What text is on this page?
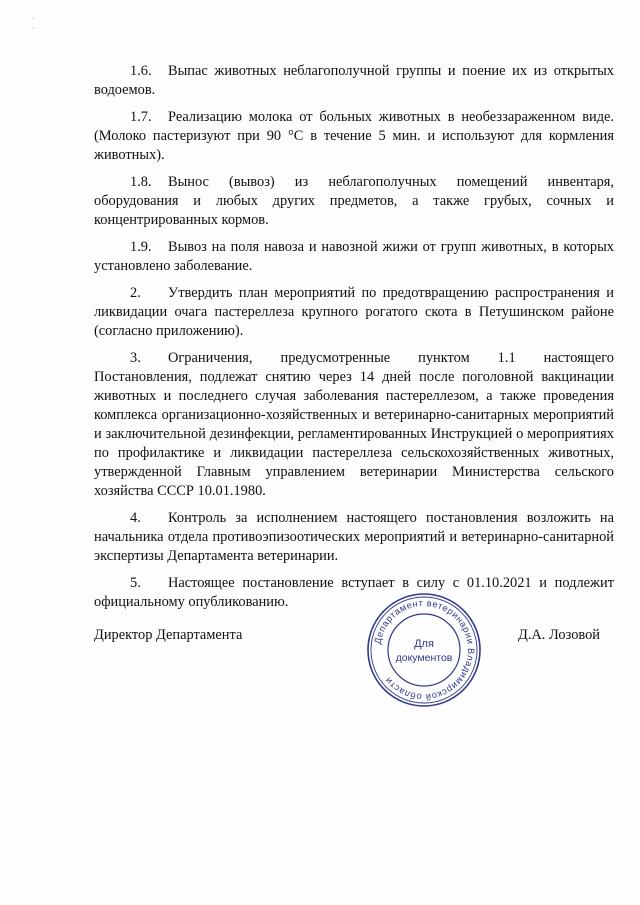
· ·

1.6. Выпас животных неблагополучной группы и поение их из открытых водоемов.

1.7. Реализацию молока от больных животных в необеззараженном виде. (Молоко пастеризуют при 90 °С в течение 5 мин. и используют для кормления животных).

1.8. Вынос (вывоз) из неблагополучных помещений инвентаря, оборудования и любых других предметов, а также грубых, сочных и концентрированных кормов.

1.9. Вывоз на поля навоза и навозной жижи от групп животных, в которых установлено заболевание.

2. Утвердить план мероприятий по предотвращению распространения и ликвидации очага пастереллеза крупного рогатого скота в Петушинском районе (согласно приложению).

3. Ограничения, предусмотренные пунктом 1.1 настоящего Постановления, подлежат снятию через 14 дней после поголовной вакцинации животных и последнего случая заболевания пастереллезом, а также проведения комплекса организационно-хозяйственных и ветеринарно-санитарных мероприятий и заключительной дезинфекции, регламентированных Инструкцией о мероприятиях по профилактике и ликвидации пастереллеза сельскохозяйственных животных, утвержденной Главным управлением ветеринарии Министерства сельского хозяйства СССР 10.01.1980.

4. Контроль за исполнением настоящего постановления возложить на начальника отдела противоэпизоотических мероприятий и ветеринарно-санитарной экспертизы Департамента ветеринарии.

5. Настоящее постановление вступает в силу с 01.10.2021 и подлежит официальному опубликованию.

Директор Департамента	Департамент ветеринарии Владимирской области
Для
документов
Д.А. Лозовой
